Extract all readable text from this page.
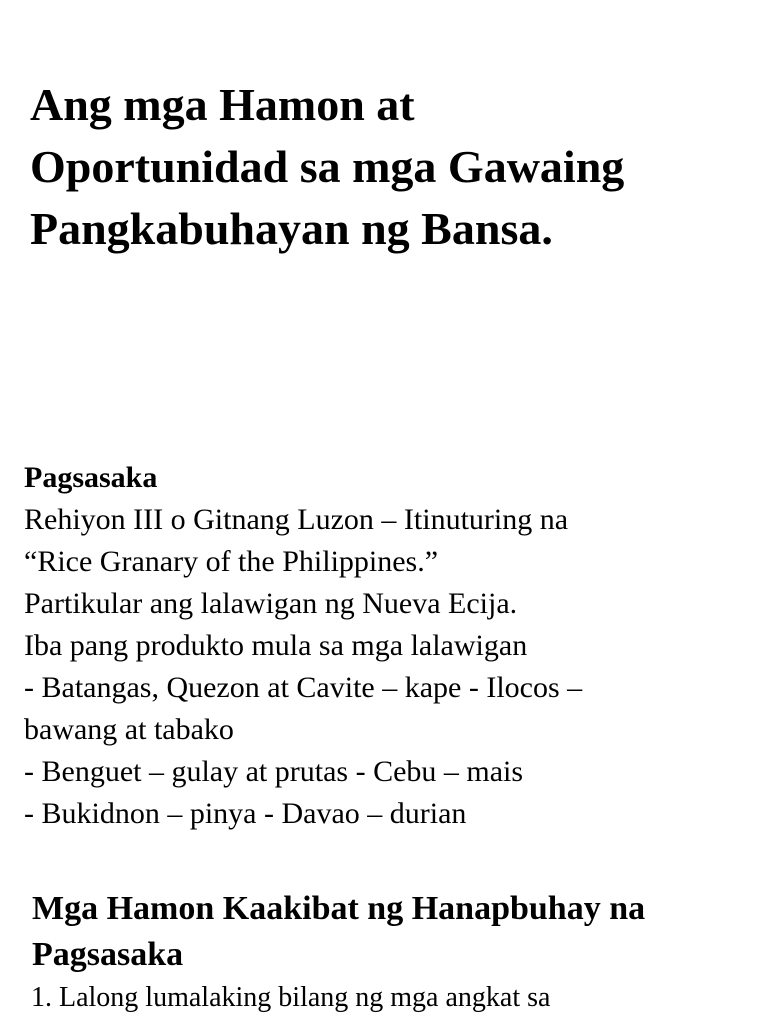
Ang mga Hamon at
Oportunidad sa mga Gawaing
Pangkabuhayan ng Bansa.
Pagsasaka
Rehiyon III o Gitnang Luzon – Itinuturing na
“Rice Granary of the Philippines.”
Partikular ang lalawigan ng Nueva Ecija.
Iba pang produkto mula sa mga lalawigan
- Batangas, Quezon at Cavite – kape - Ilocos –
bawang at tabako
- Benguet – gulay at prutas - Cebu – mais
- Bukidnon – pinya - Davao – durian
Mga Hamon Kaakibat ng Hanapbuhay na
Pagsasaka
1. Lalong lumalaking bilang ng mga angkat sa
